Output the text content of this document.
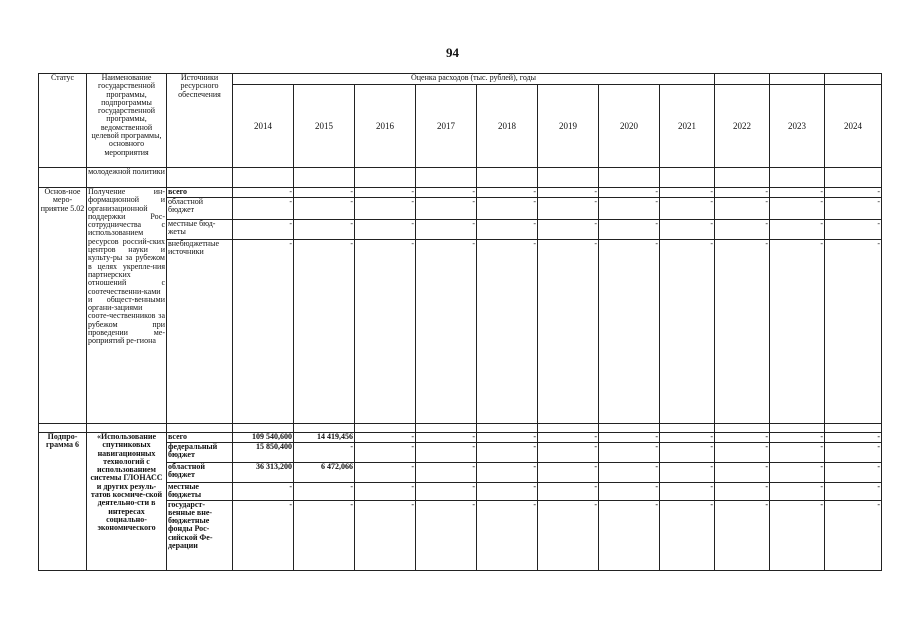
94
Статус	Наименование государственной программы, подпрограммы государственной программы, ведомственной целевой программы, основного мероприятия	Источники ресурсного обеспечения	Оценка расходов (тыс. рублей), годы										
			2014	2015	2016	2017	2018	2019	2020	2021	2022	2023	2024
	молодежной политики												
Основ-ное меро-приятие 5.02	Получение ин-формационной и организационной поддержки Рос-сотрудничества с использованием ресурсов россий-ских центров науки и культу-ры за рубежом в целях укрепле-ния партнерских отношений с соотечественни-ками и общест-венными органи-зациями сооте-чественников за рубежом при проведении ме-роприятий ре-гиона	всего	-	-	-	-	-	-	-	-	-	-	-
		областной бюджет	-	-	-	-	-	-	-	-	-	-	-
		местные бюд-жеты	-	-	-	-	-	-	-	-	-	-	-
		внебюджетные источники	-	-	-	-	-	-	-	-	-	-	-

Подпро-грамма 6	«Использование спутниковых навигационных технологий с использованием системы ГЛОНАСС и других резуль-татов космиче-ской деятельно-сти в интересах социально-экономического	всего	109 540,600	14 419,456	-	-	-	-	-	-	-	-	-
		федеральный бюджет	15 850,400	-	-	-	-	-	-	-	-	-	-
		областной бюджет	36 313,200	6 472,066	-	-	-	-	-	-	-	-	-
		местные бюджеты	-	-	-	-	-	-	-	-	-	-	-
		государст-венные вне-бюджетные фонды Рос-сийской Фе-дерации	-	-	-	-	-	-	-	-	-	-	-
